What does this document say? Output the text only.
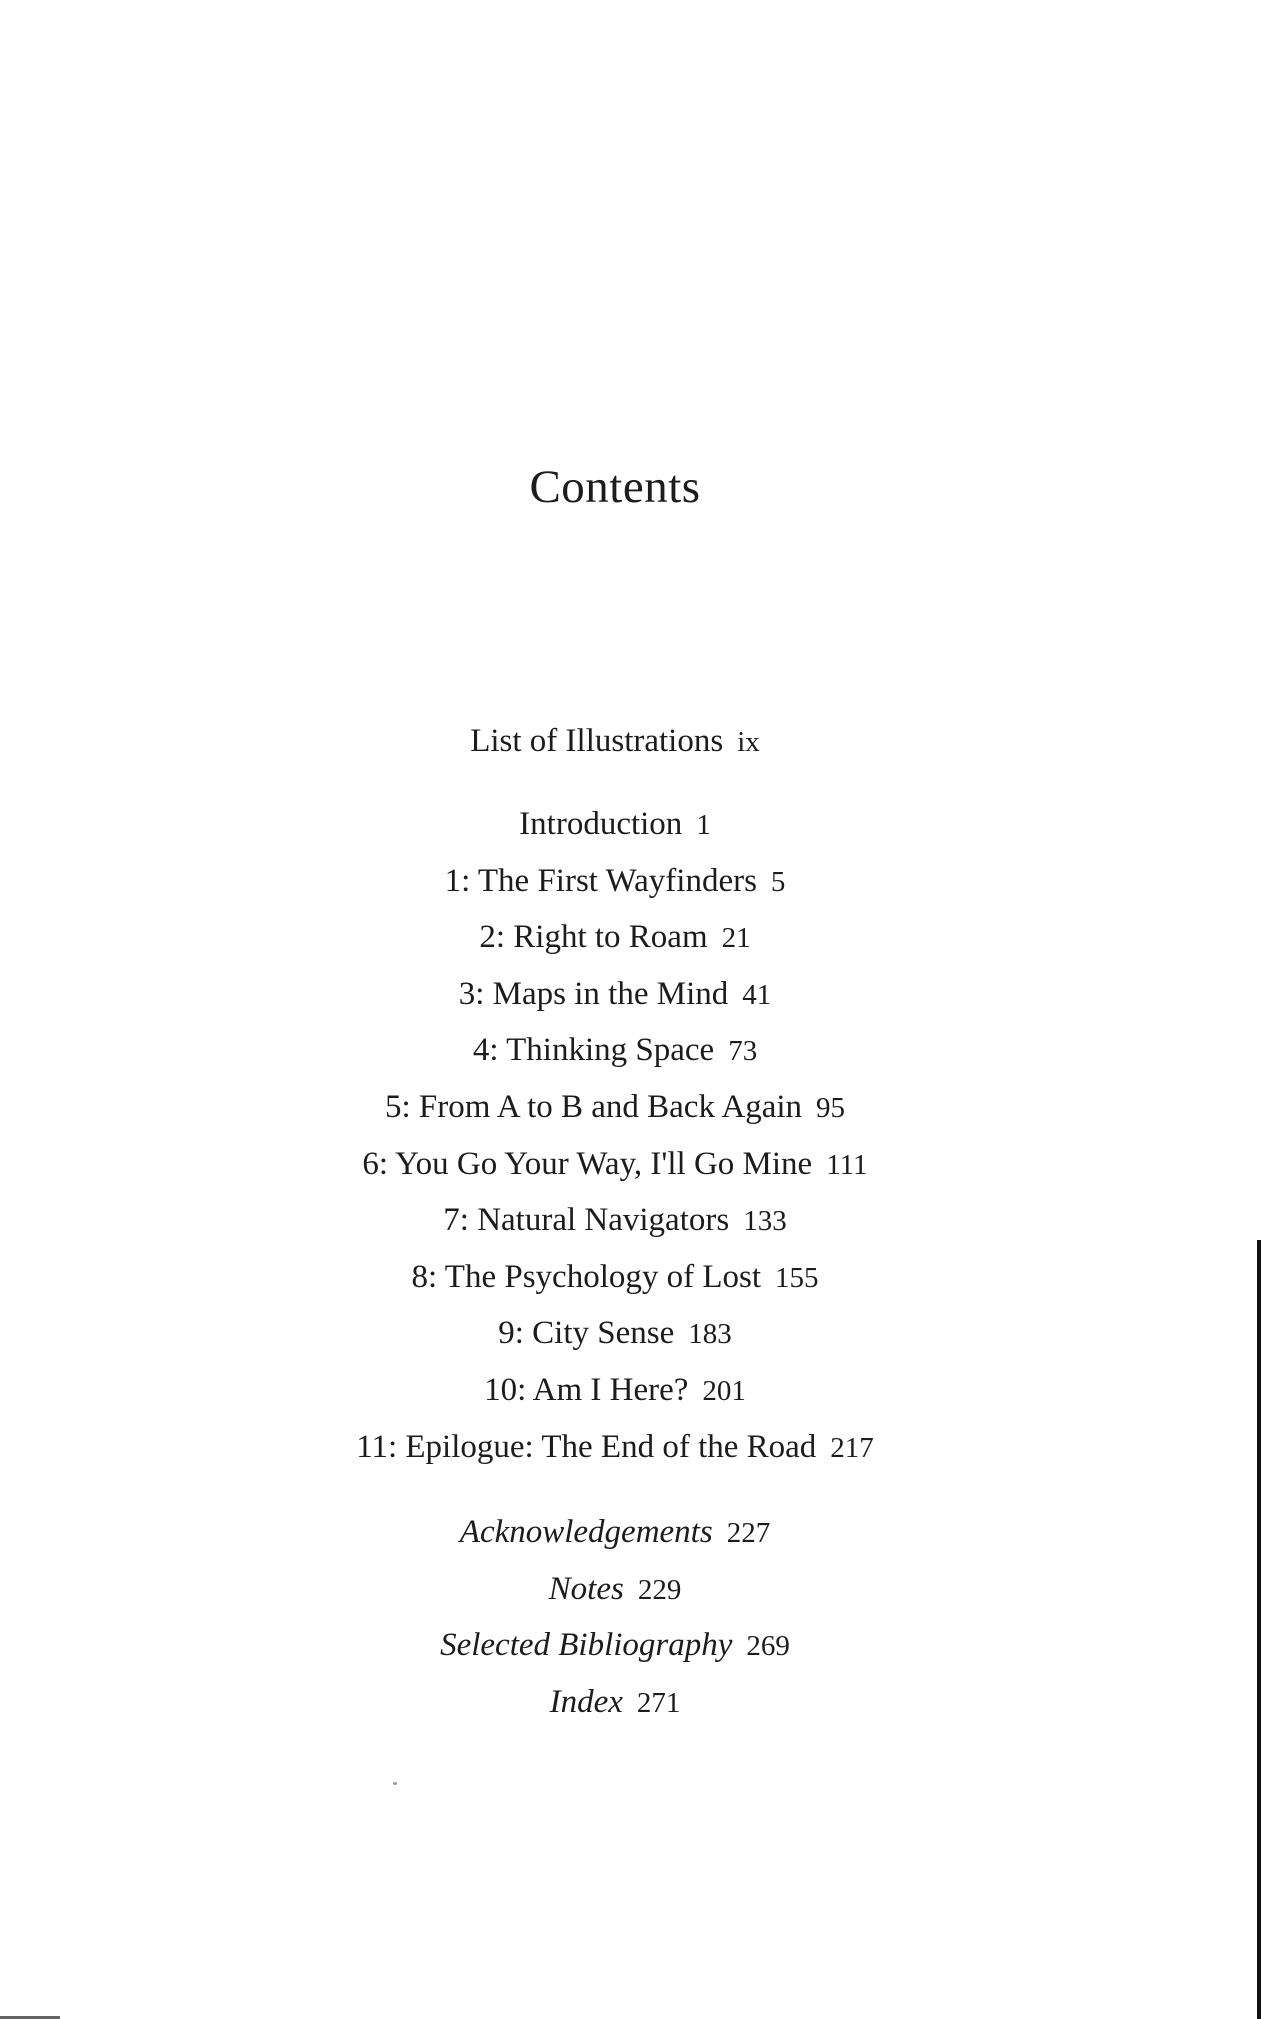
Contents
List of Illustrations ix
Introduction 1
1: The First Wayfinders 5
2: Right to Roam 21
3: Maps in the Mind 41
4: Thinking Space 73
5: From A to B and Back Again 95
6: You Go Your Way, I'll Go Mine 111
7: Natural Navigators 133
8: The Psychology of Lost 155
9: City Sense 183
10: Am I Here? 201
11: Epilogue: The End of the Road 217
Acknowledgements 227
Notes 229
Selected Bibliography 269
Index 271
